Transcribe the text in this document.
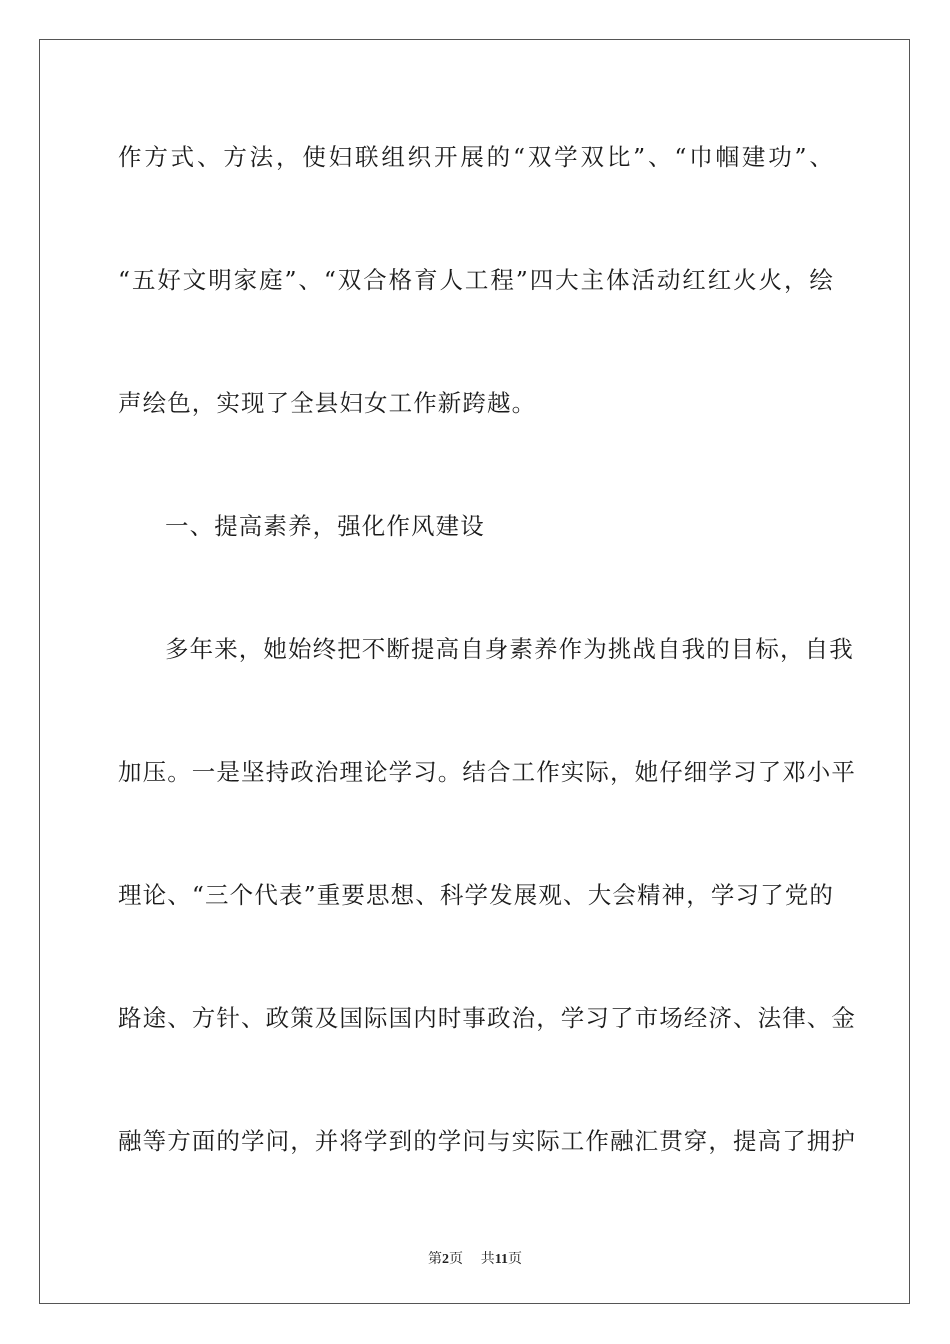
作方式、方法，使妇联组织开展的“双学双比”、“巾帼建功”、
“五好文明家庭”、“双合格育人工程”四大主体活动红红火火，绘
声绘色，实现了全县妇女工作新跨越。
一、提高素养，强化作风建设
多年来，她始终把不断提高自身素养作为挑战自我的目标，自我
加压。一是坚持政治理论学习。结合工作实际，她仔细学习了邓小平
理论、“三个代表”重要思想、科学发展观、大会精神，学习了党的
路途、方针、政策及国际国内时事政治，学习了市场经济、法律、金
融等方面的学问，并将学到的学问与实际工作融汇贯穿，提高了拥护
第2页 共11页
